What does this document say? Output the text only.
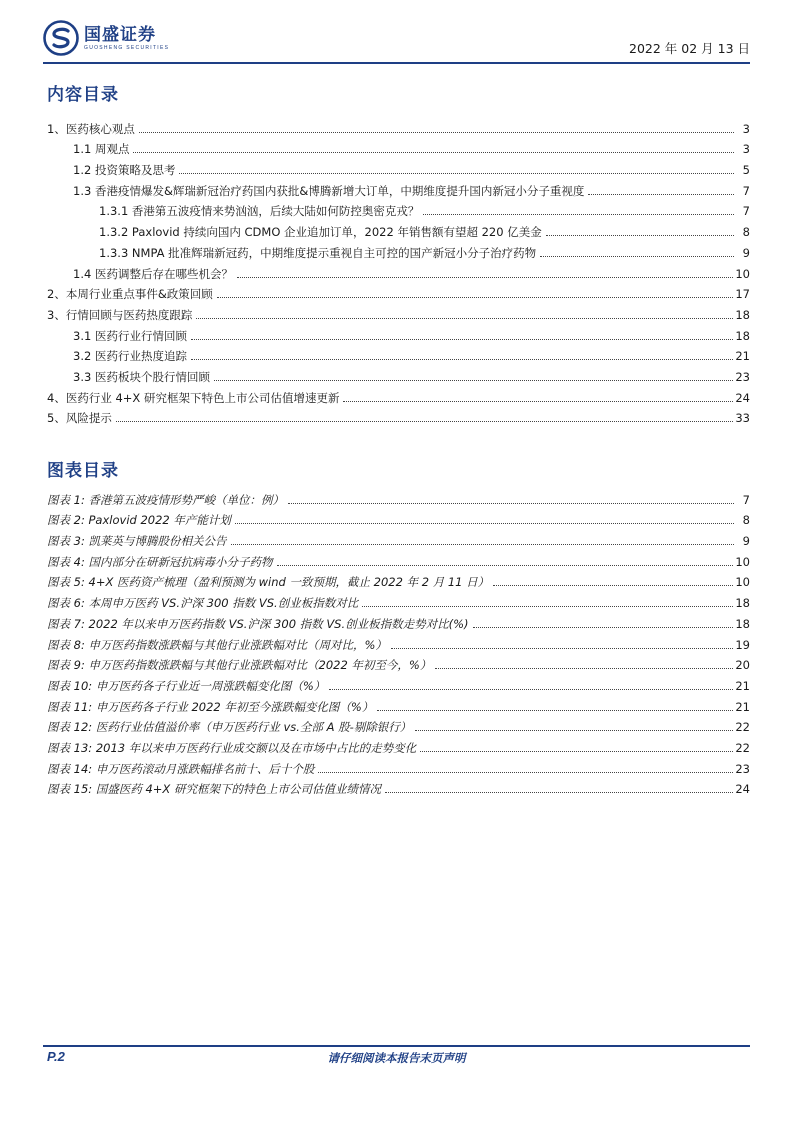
国盛证券
GUOSHENG SECURITIES	2022 年 02 月 13 日
内容目录
1、医药核心观点	3
1.1 周观点	3
1.2 投资策略及思考	5
1.3 香港疫情爆发&辉瑞新冠治疗药国内获批&博腾新增大订单，中期维度提升国内新冠小分子重视度	7
1.3.1 香港第五波疫情来势汹汹，后续大陆如何防控奥密克戎？	7
1.3.2 Paxlovid 持续向国内 CDMO 企业追加订单，2022 年销售额有望超 220 亿美金	8
1.3.3 NMPA 批准辉瑞新冠药，中期维度提示重视自主可控的国产新冠小分子治疗药物	9
1.4 医药调整后存在哪些机会？	10
2、本周行业重点事件&政策回顾	17
3、行情回顾与医药热度跟踪	18
3.1 医药行业行情回顾	18
3.2 医药行业热度追踪	21
3.3 医药板块个股行情回顾	23
4、医药行业 4+X 研究框架下特色上市公司估值增速更新	24
5、风险提示	33
图表目录
图表 1: 香港第五波疫情形势严峻（单位：例）	7
图表 2: Paxlovid 2022 年产能计划	8
图表 3: 凯莱英与博腾股份相关公告	9
图表 4: 国内部分在研新冠抗病毒小分子药物	10
图表 5: 4+X 医药资产梳理（盈利预测为 wind 一致预期，截止 2022 年 2 月 11 日）	10
图表 6: 本周申万医药 VS.沪深 300 指数 VS.创业板指数对比	18
图表 7: 2022 年以来申万医药指数 VS.沪深 300 指数 VS.创业板指数走势对比(%)	18
图表 8: 申万医药指数涨跌幅与其他行业涨跌幅对比（周对比，%）	19
图表 9: 申万医药指数涨跌幅与其他行业涨跌幅对比（2022 年初至今，%）	20
图表 10: 申万医药各子行业近一周涨跌幅变化图（%）	21
图表 11: 申万医药各子行业 2022 年初至今涨跌幅变化图（%）	21
图表 12: 医药行业估值溢价率（申万医药行业 vs.全部 A 股-剔除银行）	22
图表 13: 2013 年以来申万医药行业成交额以及在市场中占比的走势变化	22
图表 14: 申万医药滚动月涨跌幅排名前十、后十个股	23
图表 15: 国盛医药 4+X 研究框架下的特色上市公司估值业绩情况	24
P.2	请仔细阅读本报告末页声明
